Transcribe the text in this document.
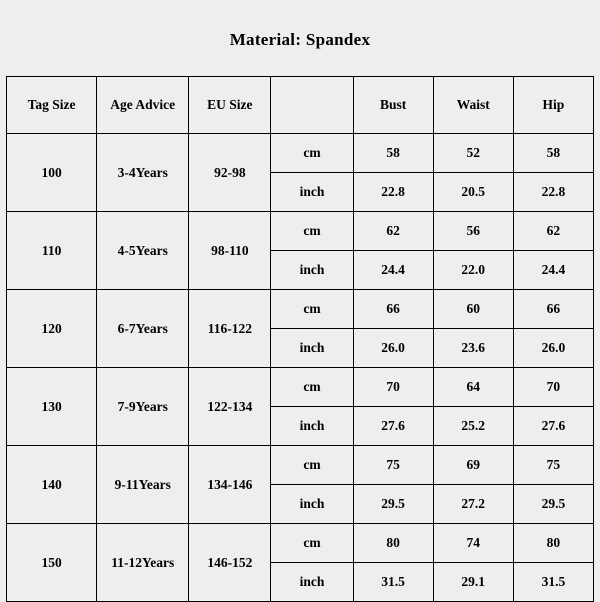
Material: Spandex
Tag Size	Age Advice	EU Size		Bust	Waist	Hip
100	3-4Years	92-98	cm	58	52	58
			inch	22.8	20.5	22.8
110	4-5Years	98-110	cm	62	56	62
			inch	24.4	22.0	24.4
120	6-7Years	116-122	cm	66	60	66
			inch	26.0	23.6	26.0
130	7-9Years	122-134	cm	70	64	70
			inch	27.6	25.2	27.6
140	9-11Years	134-146	cm	75	69	75
			inch	29.5	27.2	29.5
150	11-12Years	146-152	cm	80	74	80
			inch	31.5	29.1	31.5
